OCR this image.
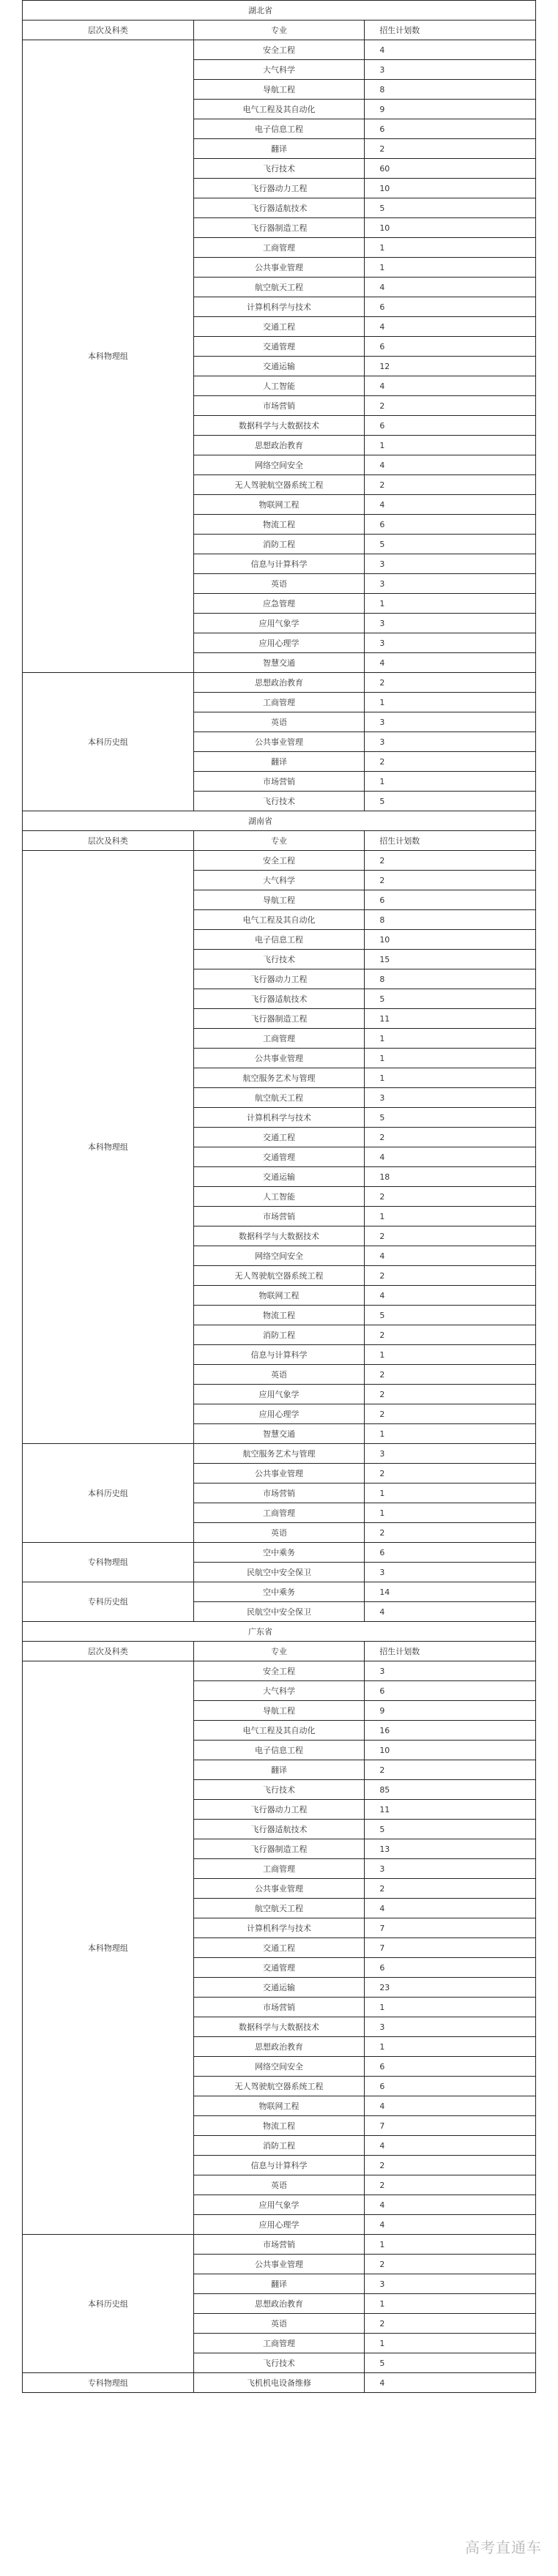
湖北省		
层次及科类	专业	招生计划数
本科物理组	安全工程	4
	大气科学	3
	导航工程	8
	电气工程及其自动化	9
	电子信息工程	6
	翻译	2
	飞行技术	60
	飞行器动力工程	10
	飞行器适航技术	5
	飞行器制造工程	10
	工商管理	1
	公共事业管理	1
	航空航天工程	4
	计算机科学与技术	6
	交通工程	4
	交通管理	6
	交通运输	12
	人工智能	4
	市场营销	2
	数据科学与大数据技术	6
	思想政治教育	1
	网络空间安全	4
	无人驾驶航空器系统工程	2
	物联网工程	4
	物流工程	6
	消防工程	5
	信息与计算科学	3
	英语	3
	应急管理	1
	应用气象学	3
	应用心理学	3
	智慧交通	4
本科历史组	思想政治教育	2
	工商管理	1
	英语	3
	公共事业管理	3
	翻译	2
	市场营销	1
	飞行技术	5
湖南省		
层次及科类	专业	招生计划数
本科物理组	安全工程	2
	大气科学	2
	导航工程	6
	电气工程及其自动化	8
	电子信息工程	10
	飞行技术	15
	飞行器动力工程	8
	飞行器适航技术	5
	飞行器制造工程	11
	工商管理	1
	公共事业管理	1
	航空服务艺术与管理	1
	航空航天工程	3
	计算机科学与技术	5
	交通工程	2
	交通管理	4
	交通运输	18
	人工智能	2
	市场营销	1
	数据科学与大数据技术	2
	网络空间安全	4
	无人驾驶航空器系统工程	2
	物联网工程	4
	物流工程	5
	消防工程	2
	信息与计算科学	1
	英语	2
	应用气象学	2
	应用心理学	2
	智慧交通	1
本科历史组	航空服务艺术与管理	3
	公共事业管理	2
	市场营销	1
	工商管理	1
	英语	2
专科物理组	空中乘务	6
	民航空中安全保卫	3
专科历史组	空中乘务	14
	民航空中安全保卫	4
广东省		
层次及科类	专业	招生计划数
本科物理组	安全工程	3
	大气科学	6
	导航工程	9
	电气工程及其自动化	16
	电子信息工程	10
	翻译	2
	飞行技术	85
	飞行器动力工程	11
	飞行器适航技术	5
	飞行器制造工程	13
	工商管理	3
	公共事业管理	2
	航空航天工程	4
	计算机科学与技术	7
	交通工程	7
	交通管理	6
	交通运输	23
	市场营销	1
	数据科学与大数据技术	3
	思想政治教育	1
	网络空间安全	6
	无人驾驶航空器系统工程	6
	物联网工程	4
	物流工程	7
	消防工程	4
	信息与计算科学	2
	英语	2
	应用气象学	4
	应用心理学	4
本科历史组	市场营销	1
	公共事业管理	2
	翻译	3
	思想政治教育	1
	英语	2
	工商管理	1
	飞行技术	5
专科物理组	飞机机电设备维修	4
高考直通车
